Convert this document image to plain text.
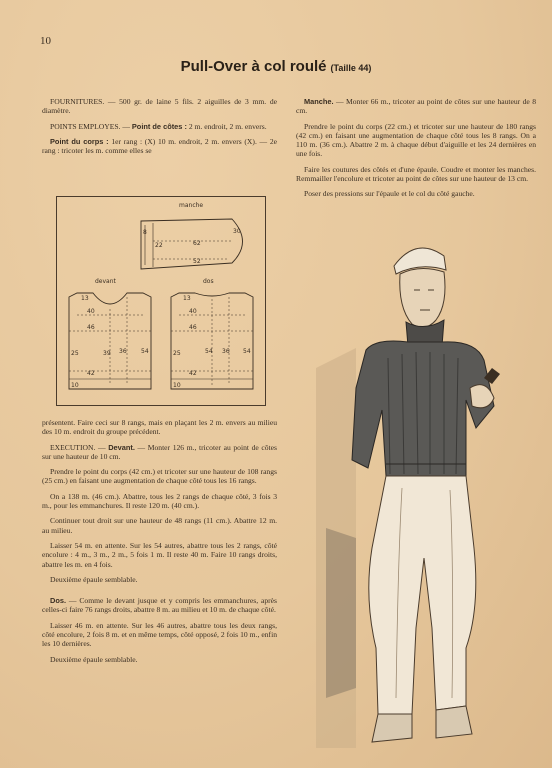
10
Pull-Over à col roulé (Taille 44)

FOURNITURES. — 500 gr. de laine 5 fils. 2 aiguilles de 3 mm. de diamètre.

POINTS EMPLOYES. — Point de côtes : 2 m. endroit, 2 m. envers.

Point du corps : 1er rang : (X) 10 m. endroit, 2 m. envers (X). — 2e rang : tricoter les m. comme elles se

manche
8
22	62
52
30
devant
13
40
46
25	39 36 54
42
10
dos
13
40
46
25	54 36 54
42
10

présentent. Faire ceci sur 8 rangs, mais en plaçant les 2 m. envers au milieu des 10 m. endroit du groupe précédent.

EXECUTION. — Devant. — Monter 126 m., tricoter au point de côtes sur une hauteur de 10 cm.

Prendre le point du corps (42 cm.) et tricoter sur une hauteur de 108 rangs (25 cm.) en faisant une augmentation de chaque côté tous les 16 rangs.

On a 138 m. (46 cm.). Abattre, tous les 2 rangs de chaque côté, 3 fois 3 m., pour les emmanchures. Il reste 120 m. (40 cm.).

Continuer tout droit sur une hauteur de 48 rangs (11 cm.). Abattre 12 m. au milieu.

Laisser 54 m. en attente. Sur les 54 autres, abattre tous les 2 rangs, côté encolure : 4 m., 3 m., 2 m., 5 fois 1 m. Il reste 40 m. Faire 10 rangs droits, abattre les m. en 4 fois.

Deuxième épaule semblable.

Dos. — Comme le devant jusque et y compris les emmanchures, après celles-ci faire 76 rangs droits, abattre 8 m. au milieu et 10 m. de chaque côté.

Laisser 46 m. en attente. Sur les 46 autres, abattre tous les deux rangs, côté encolure, 2 fois 8 m. et en même temps, côté opposé, 2 fois 10 m., enfin les 10 dernières.

Deuxième épaule semblable.

Manche. — Monter 66 m., tricoter au point de côtes sur une hauteur de 8 cm.

Prendre le point du corps (22 cm.) et tricoter sur une hauteur de 180 rangs (42 cm.) en faisant une augmentation de chaque côté tous les 8 rangs. On a 110 m. (36 cm.). Abattre 2 m. à chaque début d'aiguille et les 24 dernières en une fois.

Faire les coutures des côtés et d'une épaule. Coudre et monter les manches. Remmailler l'encolure et tricoter au point de côtes sur une hauteur de 13 cm.

Poser des pressions sur l'épaule et le col du côté gauche.
